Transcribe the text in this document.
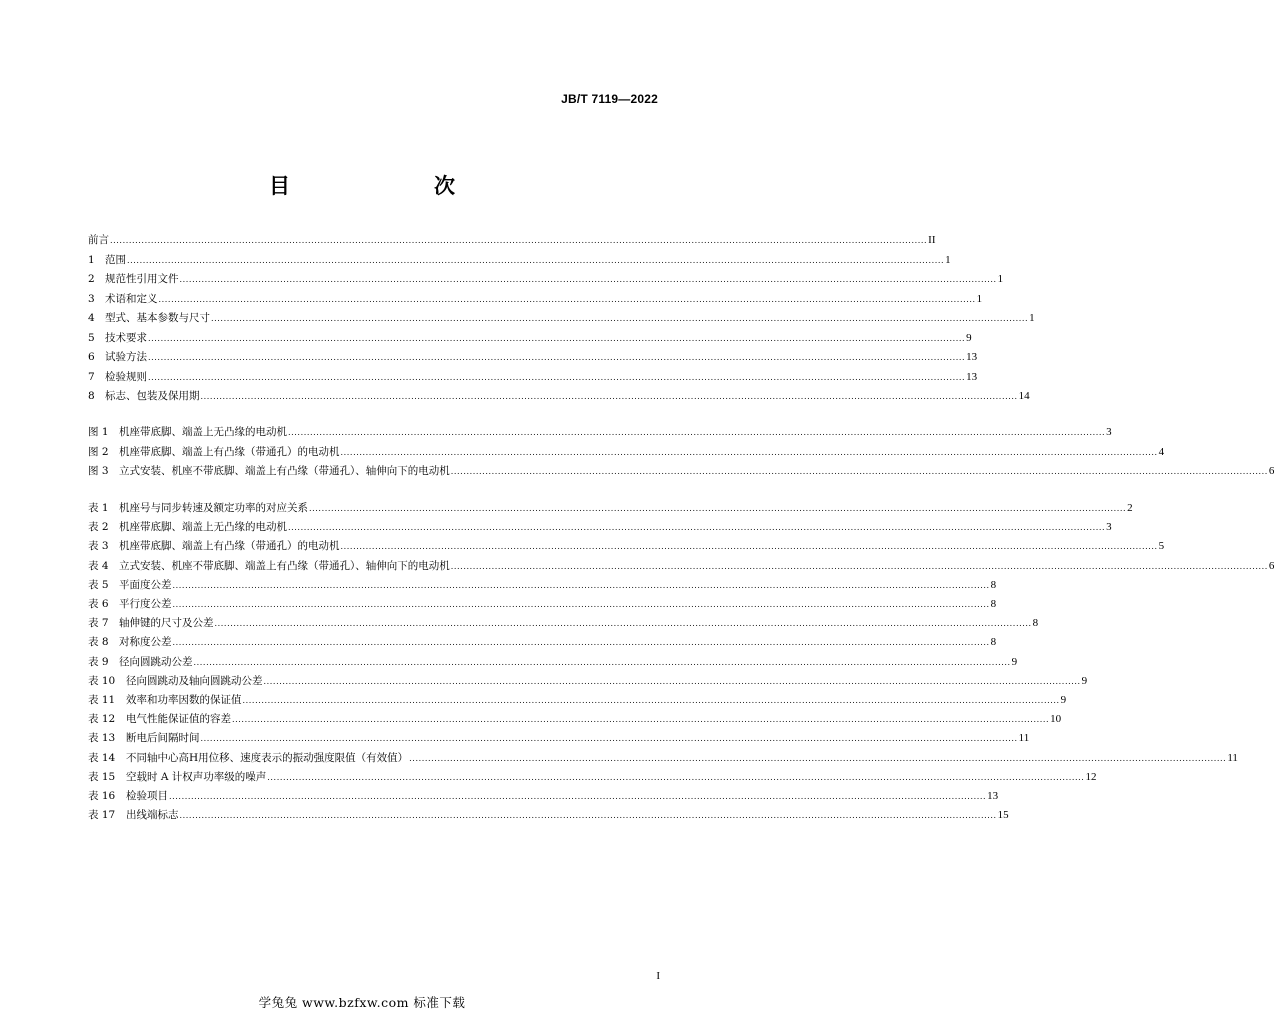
JB/T 7119—2022
目　　次
前言 .................................................................................................................................................................................................................................................................... II
1 范围 .................................................................................................................................................................................................................................................................... 1
2 规范性引用文件 .................................................................................................................................................................................................................................................................... 1
3 术语和定义 .................................................................................................................................................................................................................................................................... 1
4 型式、基本参数与尺寸 .................................................................................................................................................................................................................................................................... 1
5 技术要求 .................................................................................................................................................................................................................................................................... 9
6 试验方法 .................................................................................................................................................................................................................................................................... 13
7 检验规则 .................................................................................................................................................................................................................................................................... 13
8 标志、包装及保用期 .................................................................................................................................................................................................................................................................... 14
图 1 机座带底脚、端盖上无凸缘的电动机 .................................................................................................................................................................................................................................................................... 3
图 2 机座带底脚、端盖上有凸缘（带通孔）的电动机 .................................................................................................................................................................................................................................................................... 4
图 3 立式安装、机座不带底脚、端盖上有凸缘（带通孔）、轴伸向下的电动机 .................................................................................................................................................................................................................................................................... 6
表 1 机座号与同步转速及额定功率的对应关系 .................................................................................................................................................................................................................................................................... 2
表 2 机座带底脚、端盖上无凸缘的电动机 .................................................................................................................................................................................................................................................................... 3
表 3 机座带底脚、端盖上有凸缘（带通孔）的电动机 .................................................................................................................................................................................................................................................................... 5
表 4 立式安装、机座不带底脚、端盖上有凸缘（带通孔）、轴伸向下的电动机 .................................................................................................................................................................................................................................................................... 6
表 5 平面度公差 .................................................................................................................................................................................................................................................................... 8
表 6 平行度公差 .................................................................................................................................................................................................................................................................... 8
表 7 轴伸键的尺寸及公差 .................................................................................................................................................................................................................................................................... 8
表 8 对称度公差 .................................................................................................................................................................................................................................................................... 8
表 9 径向圆跳动公差 .................................................................................................................................................................................................................................................................... 9
表 10	径向圆跳动及轴向圆跳动公差 .................................................................................................................................................................................................................................................................... 9
表 11	效率和功率因数的保证值 .................................................................................................................................................................................................................................................................... 9
表 12	电气性能保证值的容差 .................................................................................................................................................................................................................................................................... 10
表 13	断电后间隔时间 .................................................................................................................................................................................................................................................................... 11
表 14	不同轴中心高H用位移、速度表示的振动强度限值（有效值） .................................................................................................................................................................................................................................................................... 11
表 15	空载时 A 计权声功率级的噪声 .................................................................................................................................................................................................................................................................... 12
表 16	检验项目 .................................................................................................................................................................................................................................................................... 13
表 17	出线端标志 .................................................................................................................................................................................................................................................................... 15
I
学兔兔 www.bzfxw.com 标准下载
